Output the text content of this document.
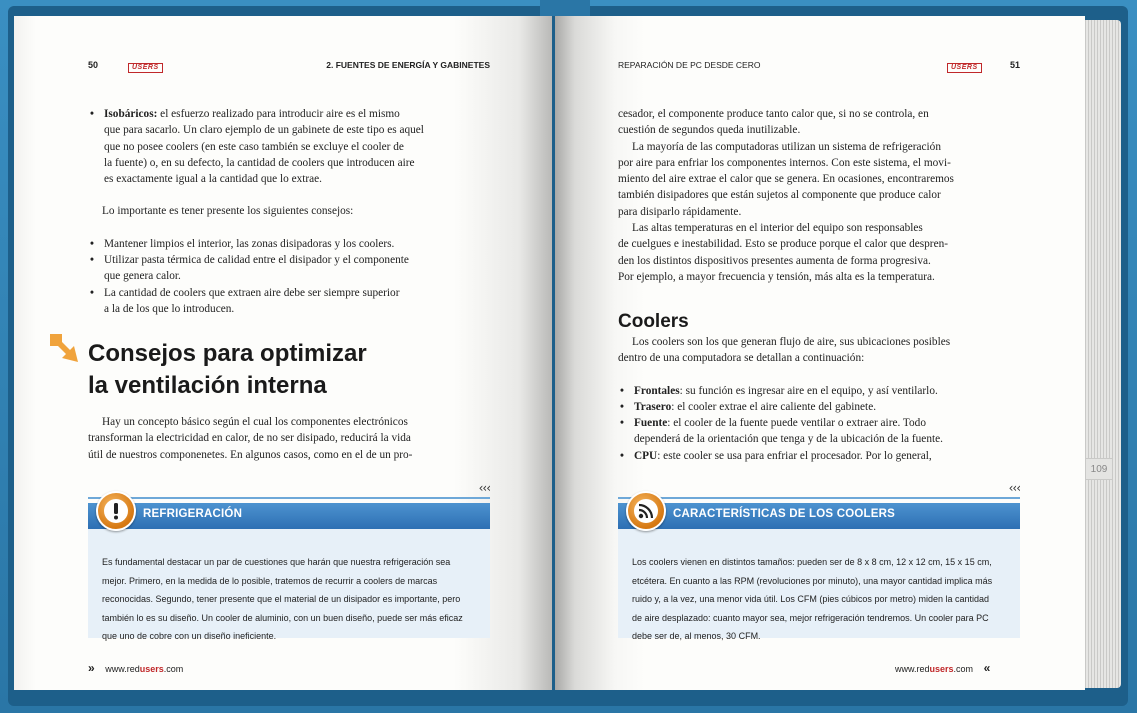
50	USERS	2. FUENTES DE ENERGÍA Y GABINETES
• Isobáricos: el esfuerzo realizado para introducir aire es el mismo
que para sacarlo. Un claro ejemplo de un gabinete de este tipo es aquel
que no posee coolers (en este caso también se excluye el cooler de
la fuente) o, en su defecto, la cantidad de coolers que introducen aire
es exactamente igual a la cantidad que lo extrae.

Lo importante es tener presente los siguientes consejos:

• Mantener limpios el interior, las zonas disipadoras y los coolers.
• Utilizar pasta térmica de calidad entre el disipador y el componente
que genera calor.
• La cantidad de coolers que extraen aire debe ser siempre superior
a la de los que lo introducen.
Consejos para optimizar
la ventilación interna

Hay un concepto básico según el cual los componentes electrónicos

transforman la electricidad en calor, de no ser disipado, reducirá la vida

útil de nuestros componenetes. En algunos casos, como en el de un pro-

‹‹‹
REFRIGERACIÓN
Es fundamental destacar un par de cuestiones que harán que nuestra refrigeración sea
mejor. Primero, en la medida de lo posible, tratemos de recurrir a coolers de marcas
reconocidas. Segundo, tener presente que el material de un disipador es importante, pero
también lo es su diseño. Un cooler de aluminio, con un buen diseño, puede ser más eficaz
que uno de cobre con un diseño ineficiente.
» www.redusers.com
REPARACIÓN DE PC DESDE CERO	USERS	51

cesador, el componente produce tanto calor que, si no se controla, en

cuestión de segundos queda inutilizable.

La mayoría de las computadoras utilizan un sistema de refrigeración

por aire para enfriar los componentes internos. Con este sistema, el movi-

miento del aire extrae el calor que se genera. En ocasiones, encontraremos

también disipadores que están sujetos al componente que produce calor

para disiparlo rápidamente.

Las altas temperaturas en el interior del equipo son responsables

de cuelgues e inestabilidad. Esto se produce porque el calor que despren-

den los distintos dispositivos presentes aumenta de forma progresiva.

Por ejemplo, a mayor frecuencia y tensión, más alta es la temperatura.

Coolers

Los coolers son los que generan flujo de aire, sus ubicaciones posibles

dentro de una computadora se detallan a continuación:

• Frontales: su función es ingresar aire en el equipo, y así ventilarlo.
• Trasero: el cooler extrae el aire caliente del gabinete.
• Fuente: el cooler de la fuente puede ventilar o extraer aire. Todo
dependerá de la orientación que tenga y de la ubicación de la fuente.
• CPU: este cooler se usa para enfriar el procesador. Por lo general,
‹‹‹
CARACTERÍSTICAS DE LOS COOLERS
Los coolers vienen en distintos tamaños: pueden ser de 8 x 8 cm, 12 x 12 cm, 15 x 15 cm,
etcétera. En cuanto a las RPM (revoluciones por minuto), una mayor cantidad implica más
ruido y, a la vez, una menor vida útil. Los CFM (pies cúbicos por metro) miden la cantidad
de aire desplazado: cuanto mayor sea, mejor refrigeración tendremos. Un cooler para PC
debe ser de, al menos, 30 CFM.
www.redusers.com «
109
